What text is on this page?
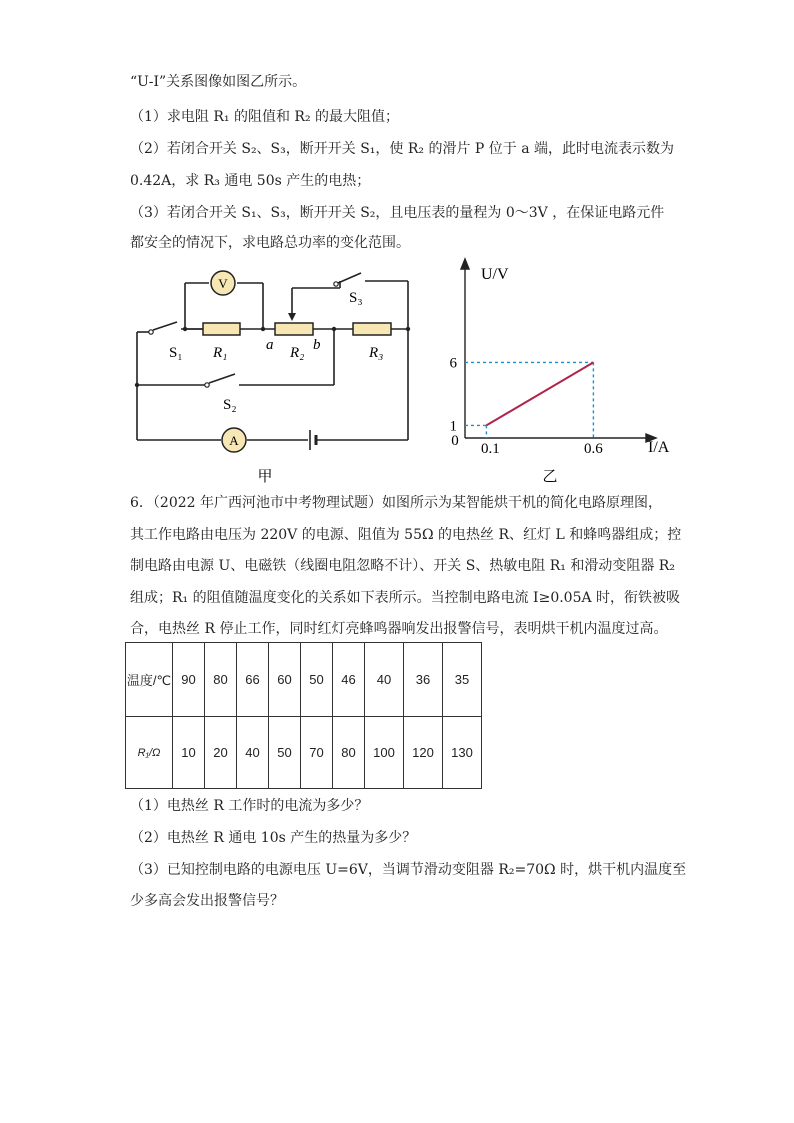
“U-I”关系图像如图乙所示。
（1）求电阻 R₁ 的阻值和 R₂ 的最大阻值；
（2）若闭合开关 S₂、S₃，断开开关 S₁，使 R₂ 的滑片 P 位于 a 端，此时电流表示数为
0.42A，求 R₃ 通电 50s 产生的电热；
（3）若闭合开关 S₁、S₃，断开开关 S₂，且电压表的量程为 0～3V ，在保证电路元件
都安全的情况下，求电路总功率的变化范围。
V
A
S₁
S₂
S₃
R₁	R₂	R₃
a	b
甲
U/V
I/A
0 0.1	0.6
1
6
乙
6．（2022 年广西河池市中考物理试题）如图所示为某智能烘干机的简化电路原理图，
其工作电路由电压为 220V 的电源、阻值为 55Ω 的电热丝 R、红灯 L 和蜂鸣器组成；控
制电路由电源 U、电磁铁（线圈电阻忽略不计）、开关 S、热敏电阻 R₁ 和滑动变阻器 R₂
组成；R₁ 的阻值随温度变化的关系如下表所示。当控制电路电流 I≥0.05A 时，衔铁被吸
合，电热丝 R 停止工作，同时红灯亮蜂鸣器响发出报警信号，表明烘干机内温度过高。
温度/℃	90	80	66	60	50	46	40	36	35
R₁/Ω	10	20	40	50	70	80	100	120	130
（1）电热丝 R 工作时的电流为多少？
（2）电热丝 R 通电 10s 产生的热量为多少？
（3）已知控制电路的电源电压 U=6V，当调节滑动变阻器 R₂=70Ω 时，烘干机内温度至
少多高会发出报警信号？
